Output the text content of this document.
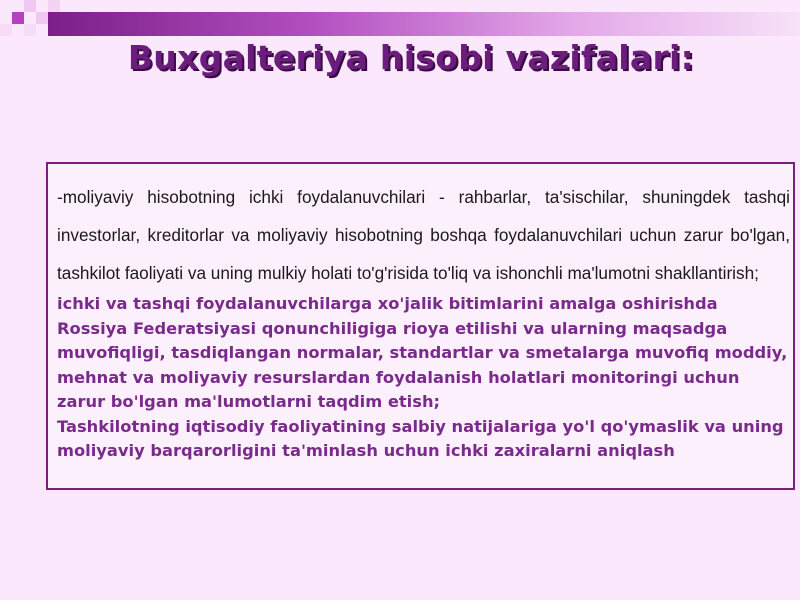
Buxgalteriya hisobi vazifalari:

-moliyaviy hisobotning ichki foydalanuvchilari - rahbarlar, ta'sischilar, shuningdek tashqi investorlar, kreditorlar va moliyaviy hisobotning boshqa foydalanuvchilari uchun zarur bo'lgan, tashkilot faoliyati va uning mulkiy holati to'g'risida to'liq va ishonchli ma'lumotni shakllantirish;

ichki va tashqi foydalanuvchilarga xo'jalik bitimlarini amalga oshirishda Rossiya Federatsiyasi qonunchiligiga rioya etilishi va ularning maqsadga muvofiqligi, tasdiqlangan normalar, standartlar va smetalarga muvofiq moddiy, mehnat va moliyaviy resurslardan foydalanish holatlari monitoringi uchun zarur bo'lgan ma'lumotlarni taqdim etish;

Tashkilotning iqtisodiy faoliyatining salbiy natijalariga yo'l qo'ymaslik va uning moliyaviy barqarorligini ta'minlash uchun ichki zaxiralarni aniqlash
